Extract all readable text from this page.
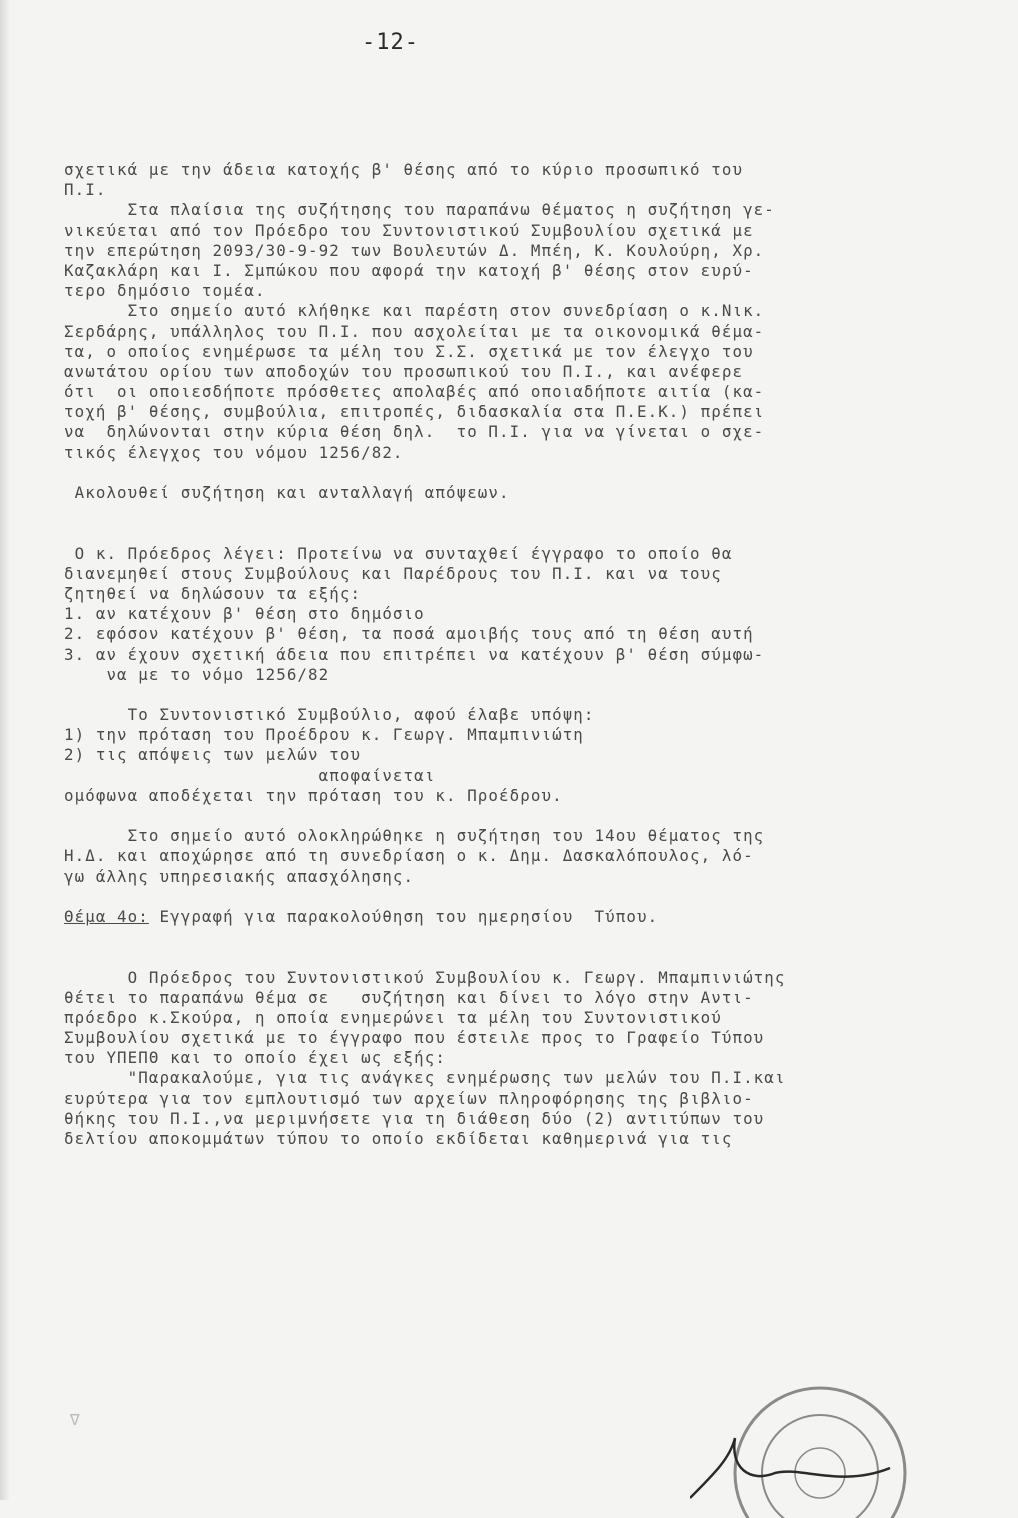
-12-
σχετικά με την άδεια κατοχής β' θέσης από το κύριο προσωπικό του
Π.Ι.
Στα πλαίσια της συζήτησης του παραπάνω θέματος η συζήτηση γε-
νικεύεται από τον Πρόεδρο του Συντονιστικού Συμβουλίου σχετικά με
την επερώτηση 2093/30-9-92 των Βουλευτών Δ. Μπέη, Κ. Κουλούρη, Χρ.
Καζακλάρη και Ι. Σμπώκου που αφορά την κατοχή β' θέσης στον ευρύ-
τερο δημόσιο τομέα.
Στο σημείο αυτό κλήθηκε και παρέστη στον συνεδρίαση ο κ.Νικ.
Σερδάρης, υπάλληλος του Π.Ι. που ασχολείται με τα οικονομικά θέμα-
τα, ο οποίος ενημέρωσε τα μέλη του Σ.Σ. σχετικά με τον έλεγχο του
ανωτάτου ορίου των αποδοχών του προσωπικού του Π.Ι., και ανέφερε
ότι  οι οποιεσδήποτε πρόσθετες απολαβές από οποιαδήποτε αιτία (κα-
τοχή β' θέσης, συμβούλια, επιτροπές, διδασκαλία στα Π.Ε.Κ.) πρέπει
να  δηλώνονται στην κύρια θέση δηλ.  το Π.Ι. για να γίνεται ο σχε-
τικός έλεγχος του νόμου 1256/82.
Ακολουθεί συζήτηση και ανταλλαγή απόψεων.
Ο κ. Πρόεδρος λέγει: Προτείνω να συνταχθεί έγγραφο το οποίο θα
διανεμηθεί στους Συμβούλους και Παρέδρους του Π.Ι. και να τους
ζητηθεί να δηλώσουν τα εξής:
1. αν κατέχουν β' θέση στο δημόσιο
2. εφόσον κατέχουν β' θέση, τα ποσά αμοιβής τους από τη θέση αυτή
3. αν έχουν σχετική άδεια που επιτρέπει να κατέχουν β' θέση σύμφω-
να με το νόμο 1256/82
Το Συντονιστικό Συμβούλιο, αφού έλαβε υπόψη:
1) την πρόταση του Προέδρου κ. Γεωργ. Μπαμπινιώτη
2) τις απόψεις των μελών του
αποφαίνεται
ομόφωνα αποδέχεται την πρόταση του κ. Προέδρου.
Στο σημείο αυτό ολοκληρώθηκε η συζήτηση του 14ου θέματος της
Η.Δ. και αποχώρησε από τη συνεδρίαση ο κ. Δημ. Δασκαλόπουλος, λό-
γω άλλης υπηρεσιακής απασχόλησης.
Θέμα 4ο: Εγγραφή για παρακολούθηση του ημερησίου  Τύπου.
Ο Πρόεδρος του Συντονιστικού Συμβουλίου κ. Γεωργ. Μπαμπινιώτης
θέτει το παραπάνω θέμα σε   συζήτηση και δίνει το λόγο στην Αντι-
πρόεδρο κ.Σκούρα, η οποία ενημερώνει τα μέλη του Συντονιστικού
Συμβουλίου σχετικά με το έγγραφο που έστειλε προς το Γραφείο Τύπου
του ΥΠΕΠΘ και το οποίο έχει ως εξής:
"Παρακαλούμε, για τις ανάγκες ενημέρωσης των μελών του Π.Ι.και
ευρύτερα για τον εμπλουτισμό των αρχείων πληροφόρησης της βιβλιο-
θήκης του Π.Ι.,να μεριμνήσετε για τη διάθεση δύο (2) αντιτύπων του
δελτίου αποκομμάτων τύπου το οποίο εκδίδεται καθημερινά για τις
∇
